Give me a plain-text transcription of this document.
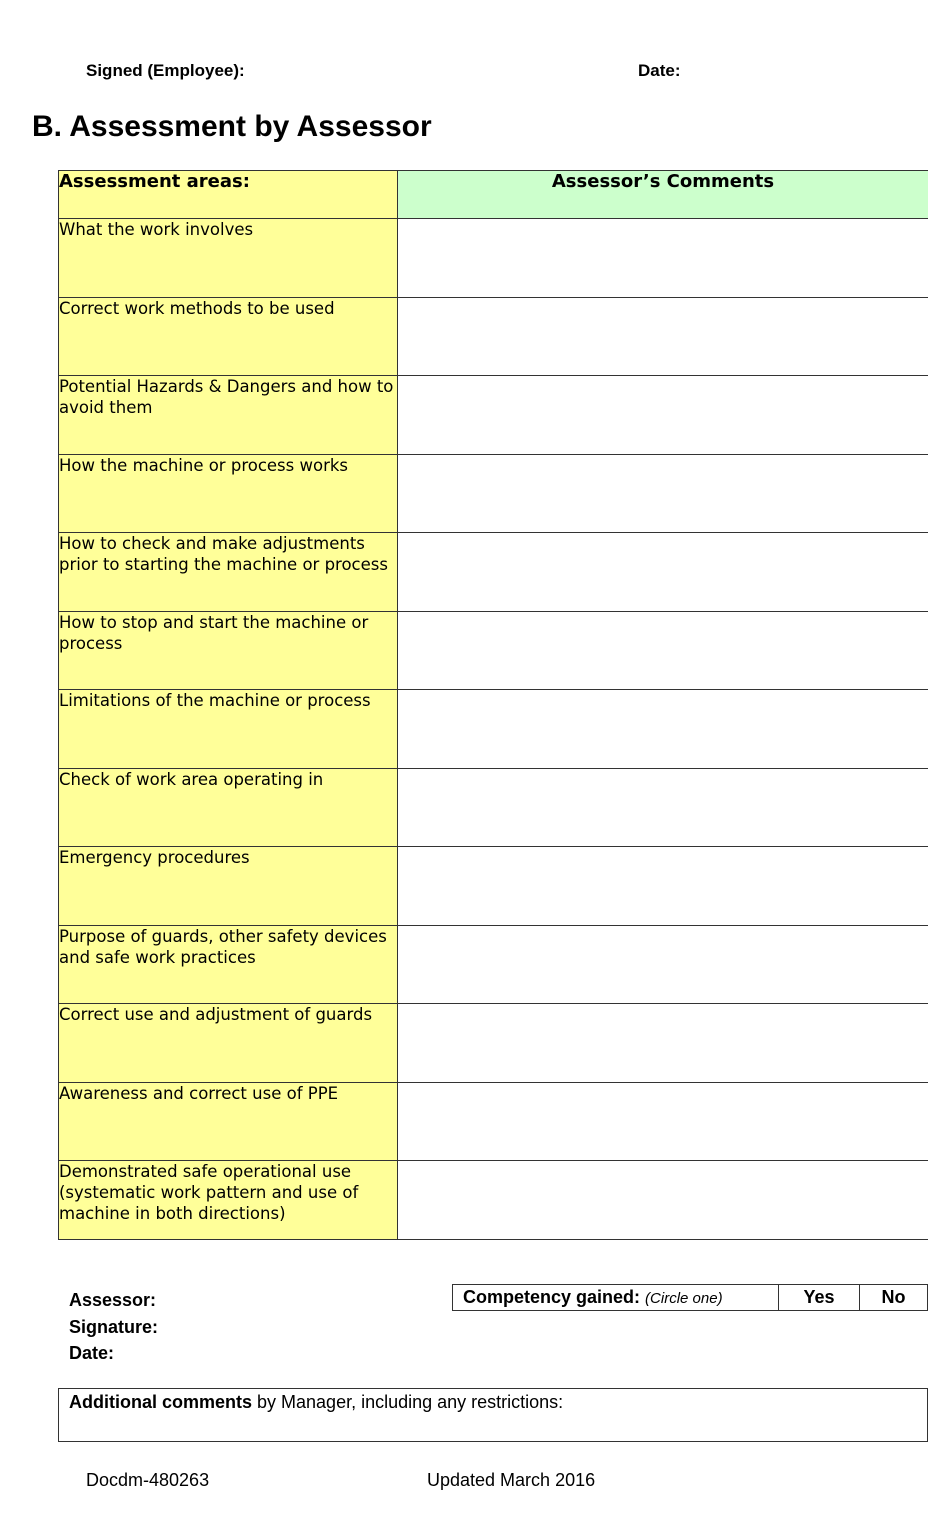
Signed (Employee):	Date:
B. Assessment by Assessor
Assessment areas:	Assessor’s Comments
What the work involves	
Correct work methods to be used	
Potential Hazards & Dangers and how to avoid them	
How the machine or process works	
How to check and make adjustments prior to starting the machine or process	
How to stop and start the machine or process	
Limitations of the machine or process	
Check of work area operating in	
Emergency procedures	
Purpose of guards, other safety devices and safe work practices	
Correct use and adjustment of guards	
Awareness and correct use of PPE	
Demonstrated safe operational use (systematic work pattern and use of machine in both directions)	
Assessor:
Signature:
Date:
Competency gained: (Circle one)	Yes	No
Additional comments by Manager, including any restrictions:
Docdm-480263	Updated March 2016
